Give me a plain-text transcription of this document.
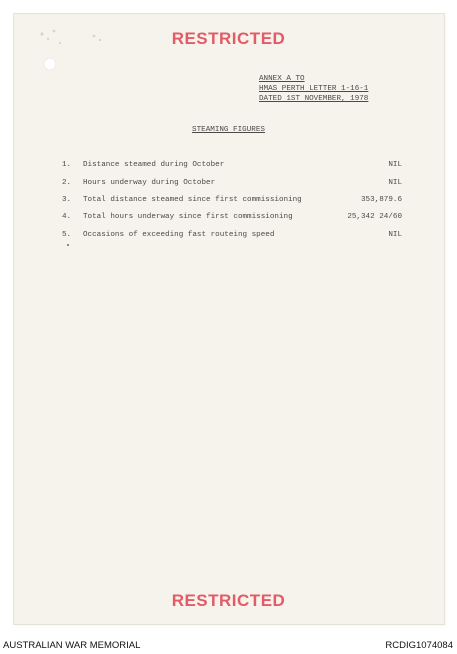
RESTRICTED
ANNEX A TO
HMAS PERTH LETTER 1-16-1
DATED 1ST NOVEMBER, 1978
STEAMING FIGURES
1. Distance steamed during October	NIL
2. Hours underway during October	NIL
3. Total distance steamed since first commissioning	353,879.6
4. Total hours underway since first commissioning	25,342 24/60
5. Occasions of exceeding fast routeing speed	NIL
RESTRICTED
AUSTRALIAN WAR MEMORIAL	RCDIG1074084
